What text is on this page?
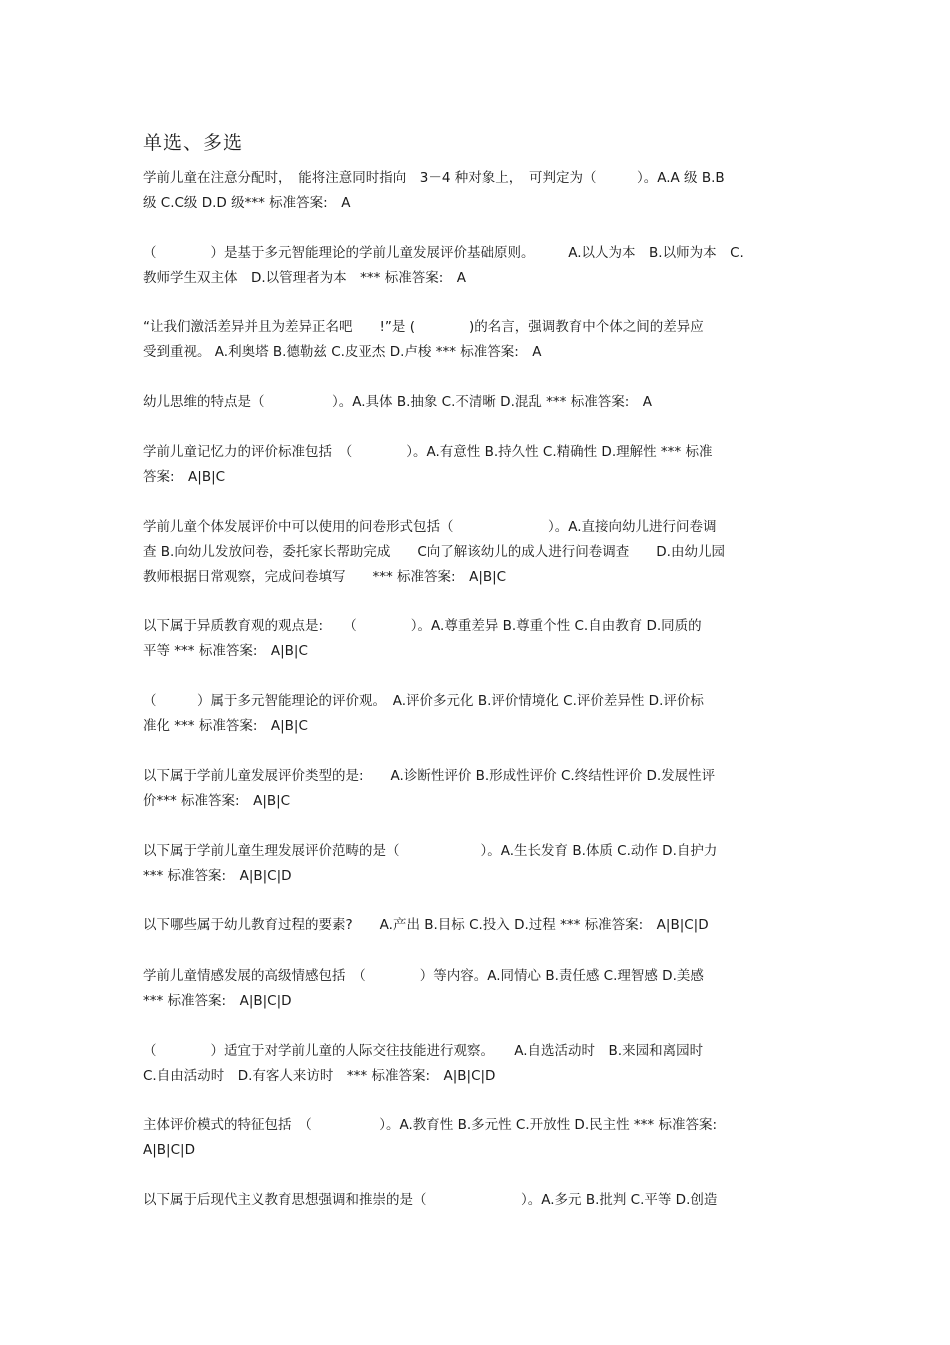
单选、多选

学前儿童在注意分配时，　能将注意同时指向　3－4 种对象上，　可判定为（　　　）。A.A 级 B.B
级 C.C级 D.D 级*** 标准答案:　A

（　　　　）是基于多元智能理论的学前儿童发展评价基础原则。　　　A.以人为本　B.以师为本　C.
教师学生双主体　D.以管理者为本　*** 标准答案:　A

“让我们激活差异并且为差异正名吧　　!”是 (　　　　)的名言，强调教育中个体之间的差异应
受到重视。 A.利奥塔 B.德勒兹 C.皮亚杰 D.卢梭 *** 标准答案:　A

幼儿思维的特点是（　　　　　）。A.具体 B.抽象 C.不清晰 D.混乱 *** 标准答案:　A

学前儿童记忆力的评价标准包括　（　　　　）。A.有意性 B.持久性 C.精确性 D.理解性 *** 标准
答案:　A|B|C

学前儿童个体发展评价中可以使用的问卷形式包括（　　　　　　　）。A.直接向幼儿进行问卷调
查 B.向幼儿发放问卷，委托家长帮助完成　　C向了解该幼儿的成人进行问卷调查　　D.由幼儿园
教师根据日常观察，完成问卷填写　　*** 标准答案:　A|B|C

以下属于异质教育观的观点是:　　（　　　　）。A.尊重差异 B.尊重个性 C.自由教育 D.同质的
平等 *** 标准答案:　A|B|C

（　　　）属于多元智能理论的评价观。　A.评价多元化 B.评价情境化 C.评价差异性 D.评价标
准化 *** 标准答案:　A|B|C

以下属于学前儿童发展评价类型的是:　　A.诊断性评价 B.形成性评价 C.终结性评价 D.发展性评
价*** 标准答案:　A|B|C

以下属于学前儿童生理发展评价范畴的是（　　　　　　）。A.生长发育 B.体质 C.动作 D.自护力
*** 标准答案:　A|B|C|D

以下哪些属于幼儿教育过程的要素?　　A.产出 B.目标 C.投入 D.过程 *** 标准答案:　A|B|C|D

学前儿童情感发展的高级情感包括　（　　　　）等内容。A.同情心 B.责任感 C.理智感 D.美感
*** 标准答案:　A|B|C|D

（　　　　）适宜于对学前儿童的人际交往技能进行观察。　　A.自选活动时　B.来园和离园时
C.自由活动时　D.有客人来访时　*** 标准答案:　A|B|C|D

主体评价模式的特征包括　（　　　　　）。A.教育性 B.多元性 C.开放性 D.民主性 *** 标准答案:
A|B|C|D

以下属于后现代主义教育思想强调和推崇的是（　　　　　　　）。A.多元 B.批判 C.平等 D.创造
